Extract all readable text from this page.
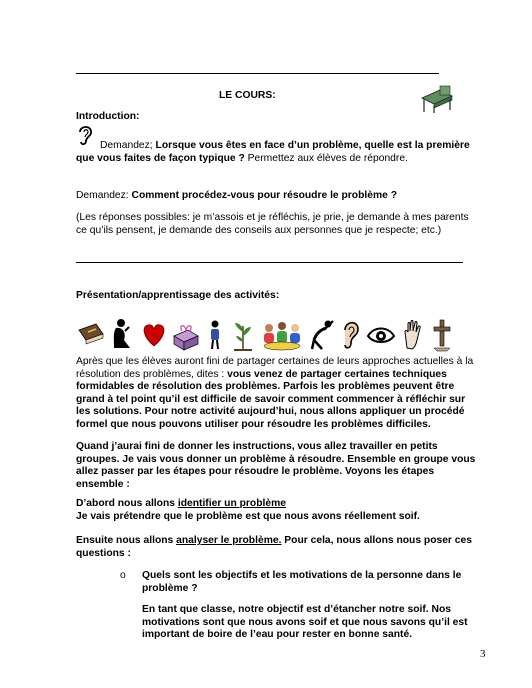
LE COURS:

Introduction:

Demandez; Lorsque vous êtes en face d’un problème, quelle est la première que vous faites de façon typique ? Permettez aux élèves de répondre.

Demandez: Comment procédez-vous pour résoudre le problème ?

(Les réponses possibles: je m’assois et je réfléchis, je prie, je demande à mes parents ce qu’ils pensent, je demande des conseils aux personnes que je respecte; etc.)

Présentation/apprentissage des activités:

Après que les élèves auront fini de partager certaines de leurs approches actuelles à la résolution des problèmes, dites : vous venez de partager certaines techniques formidables de résolution des problèmes. Parfois les problèmes peuvent être grand à tel point qu’il est difficile de savoir comment commencer à réfléchir sur les solutions. Pour notre activité aujourd’hui, nous allons appliquer un procédé formel que nous pouvons utiliser pour résoudre les problèmes difficiles.

Quand j’aurai fini de donner les instructions, vous allez travailler en petits groupes. Je vais vous donner un problème à résoudre. Ensemble en groupe vous allez passer par les étapes pour résoudre le problème. Voyons les étapes ensemble :

D’abord nous allons identifier un problème
Je vais prétendre que le problème est que nous avons réellement soif.

Ensuite nous allons analyser le problème. Pour cela, nous allons nous poser ces questions :

o Quels sont les objectifs et les motivations de la personne dans le problème ?

En tant que classe, notre objectif est d’étancher notre soif. Nos motivations sont que nous avons soif et que nous savons qu’il est important de boire de l’eau pour rester en bonne santé.

3
